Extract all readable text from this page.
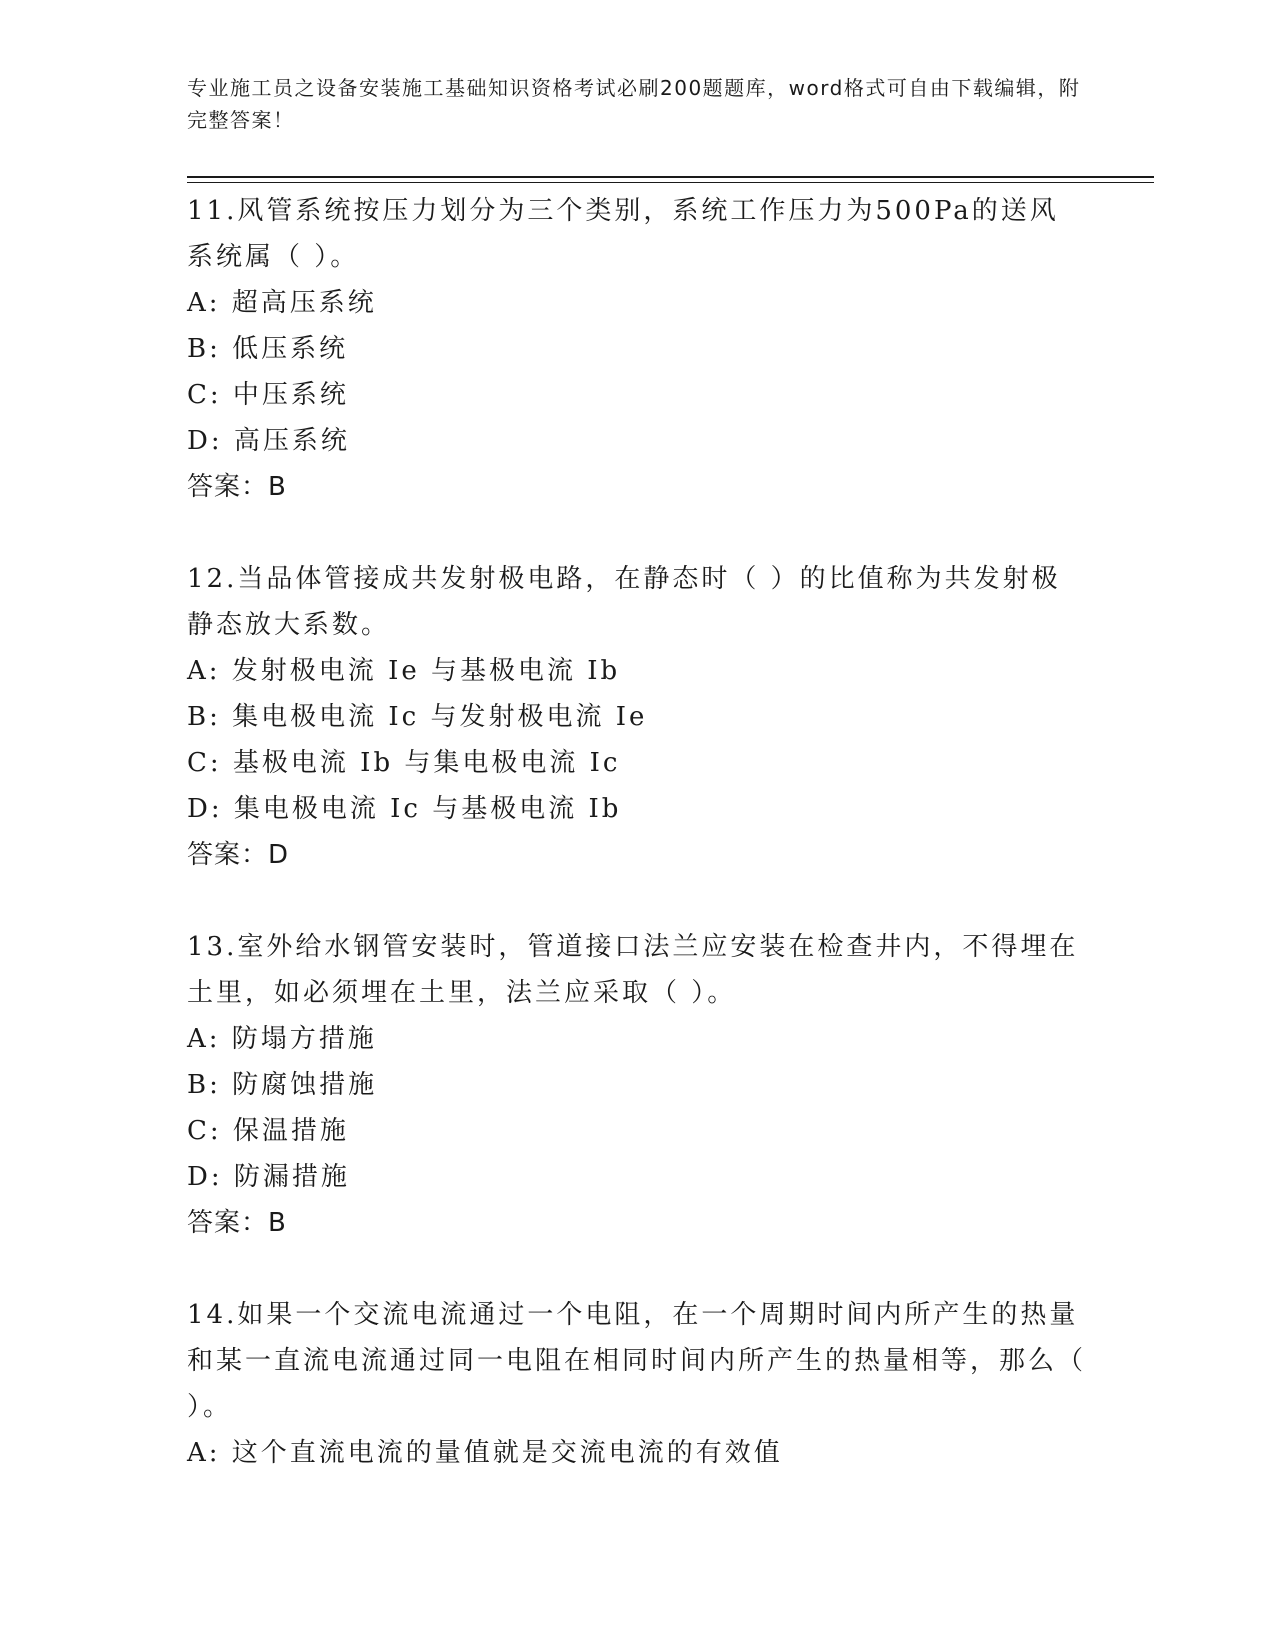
专业施工员之设备安装施工基础知识资格考试必刷200题题库，word格式可自由下载编辑，附完整答案！
11.风管系统按压力划分为三个类别，系统工作压力为500Pa的送风系统属（ ）。
A: 超高压系统
B: 低压系统
C: 中压系统
D: 高压系统
答案：B
12.当品体管接成共发射极电路，在静态时（ ）的比值称为共发射极静态放大系数。
A: 发射极电流 Ie 与基极电流 Ib
B: 集电极电流 Ic 与发射极电流 Ie
C: 基极电流 Ib 与集电极电流 Ic
D: 集电极电流 Ic 与基极电流 Ib
答案：D
13.室外给水钢管安装时，管道接口法兰应安装在检查井内，不得埋在土里，如必须埋在土里，法兰应采取（ ）。
A: 防塌方措施
B: 防腐蚀措施
C: 保温措施
D: 防漏措施
答案：B
14.如果一个交流电流通过一个电阻，在一个周期时间内所产生的热量和某一直流电流通过同一电阻在相同时间内所产生的热量相等，那么（ ）。
A: 这个直流电流的量值就是交流电流的有效值
